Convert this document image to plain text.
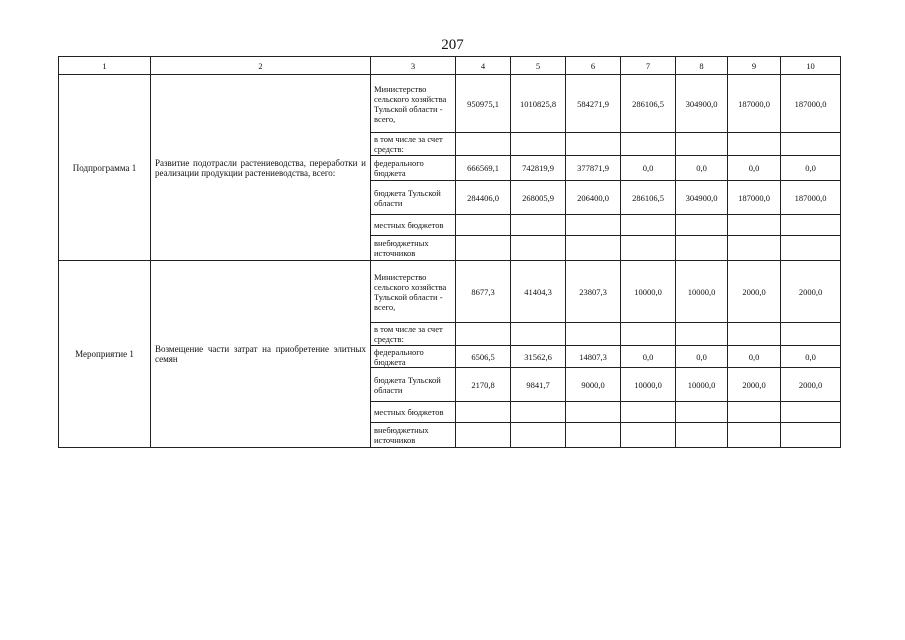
207
1	2	3	4	5	6	7	8	9	10
Подпрограмма 1	Развитие подотрасли растениеводства, переработки и реализации продукции растениеводства, всего:	Министерство сельского хозяйства Тульской области - всего,	950975,1	1010825,8	584271,9	286106,5	304900,0	187000,0	187000,0
		в том числе за счет средств:							
		федерального бюджета	666569,1	742819,9	377871,9	0,0	0,0	0,0	0,0
		бюджета Тульской области	284406,0	268005,9	206400,0	286106,5	304900,0	187000,0	187000,0
		местных бюджетов							
		внебюджетных источников							
Мероприятие 1	Возмещение части затрат на приобретение элитных семян	Министерство сельского хозяйства Тульской области - всего,	8677,3	41404,3	23807,3	10000,0	10000,0	2000,0	2000,0
		в том числе за счет средств:							
		федерального бюджета	6506,5	31562,6	14807,3	0,0	0,0	0,0	0,0
		бюджета Тульской области	2170,8	9841,7	9000,0	10000,0	10000,0	2000,0	2000,0
		местных бюджетов							
		внебюджетных источников							
